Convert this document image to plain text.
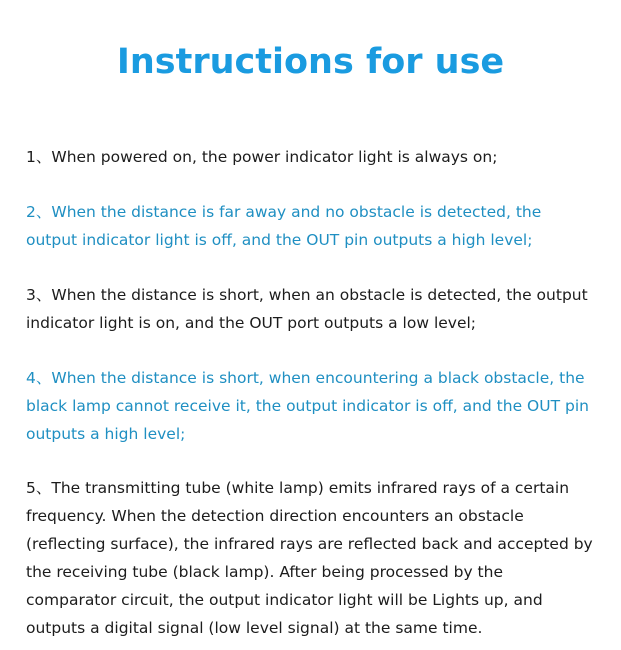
Instructions for use

1、When powered on, the power indicator light is always on;

2、When the distance is far away and no obstacle is detected, the
output indicator light is off, and the OUT pin outputs a high level;

3、When the distance is short, when an obstacle is detected, the output
indicator light is on, and the OUT port outputs a low level;

4、When the distance is short, when encountering a black obstacle, the
black lamp cannot receive it, the output indicator is off, and the OUT pin
outputs a high level;

5、The transmitting tube (white lamp) emits infrared rays of a certain
frequency. When the detection direction encounters an obstacle
(reflecting surface), the infrared rays are reflected back and accepted by
the receiving tube (black lamp). After being processed by the
comparator circuit, the output indicator light will be Lights up, and
outputs a digital signal (low level signal) at the same time.
